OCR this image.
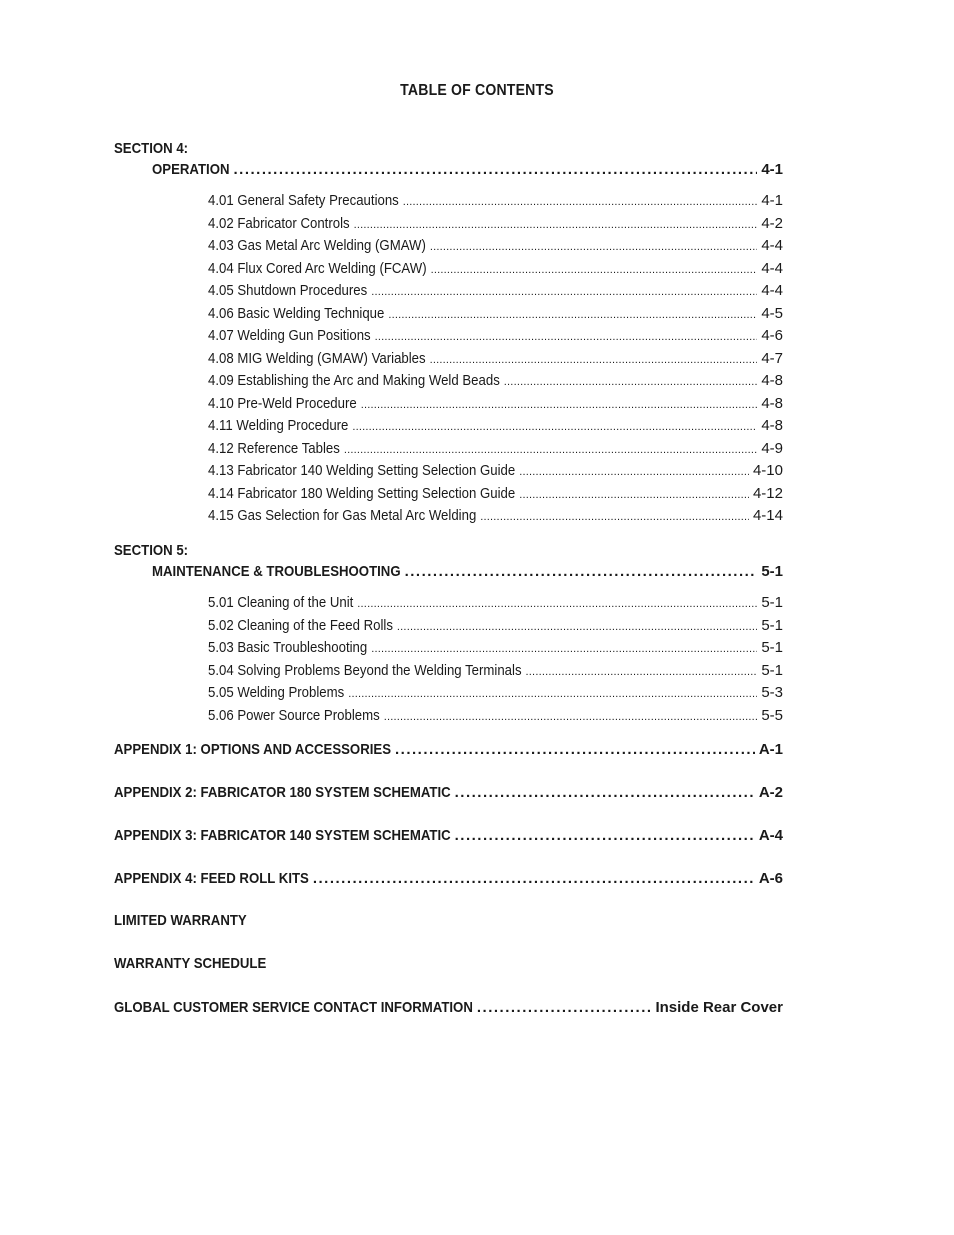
TABLE OF CONTENTS
SECTION 4:
OPERATION .....	4-1
4.01 General Safety Precautions .....	4-1
4.02 Fabricator Controls .....	4-2
4.03 Gas Metal Arc Welding (GMAW) .....	4-4
4.04 Flux Cored Arc Welding (FCAW) .....	4-4
4.05 Shutdown Procedures .....	4-4
4.06 Basic Welding Technique .....	4-5
4.07 Welding Gun Positions .....	4-6
4.08 MIG Welding (GMAW) Variables .....	4-7
4.09 Establishing the Arc and Making Weld Beads .....	4-8
4.10 Pre-Weld Procedure .....	4-8
4.11 Welding Procedure .....	4-8
4.12 Reference Tables .....	4-9
4.13 Fabricator 140 Welding Setting Selection Guide .....	4-10
4.14 Fabricator 180 Welding Setting Selection Guide .....	4-12
4.15 Gas Selection for Gas Metal Arc Welding .....	4-14
SECTION 5:
MAINTENANCE & TROUBLESHOOTING .....	5-1
5.01 Cleaning of the Unit .....	5-1
5.02 Cleaning of the Feed Rolls .....	5-1
5.03 Basic Troubleshooting .....	5-1
5.04 Solving Problems Beyond the Welding Terminals .....	5-1
5.05 Welding Problems .....	5-3
5.06 Power Source Problems .....	5-5
APPENDIX 1: OPTIONS AND ACCESSORIES .....	A-1
APPENDIX 2: FABRICATOR 180 SYSTEM SCHEMATIC .....	A-2
APPENDIX 3: FABRICATOR 140 SYSTEM SCHEMATIC .....	A-4
APPENDIX 4: FEED ROLL KITS .....	A-6
LIMITED WARRANTY
WARRANTY SCHEDULE
GLOBAL CUSTOMER SERVICE CONTACT INFORMATION .....	Inside Rear Cover
